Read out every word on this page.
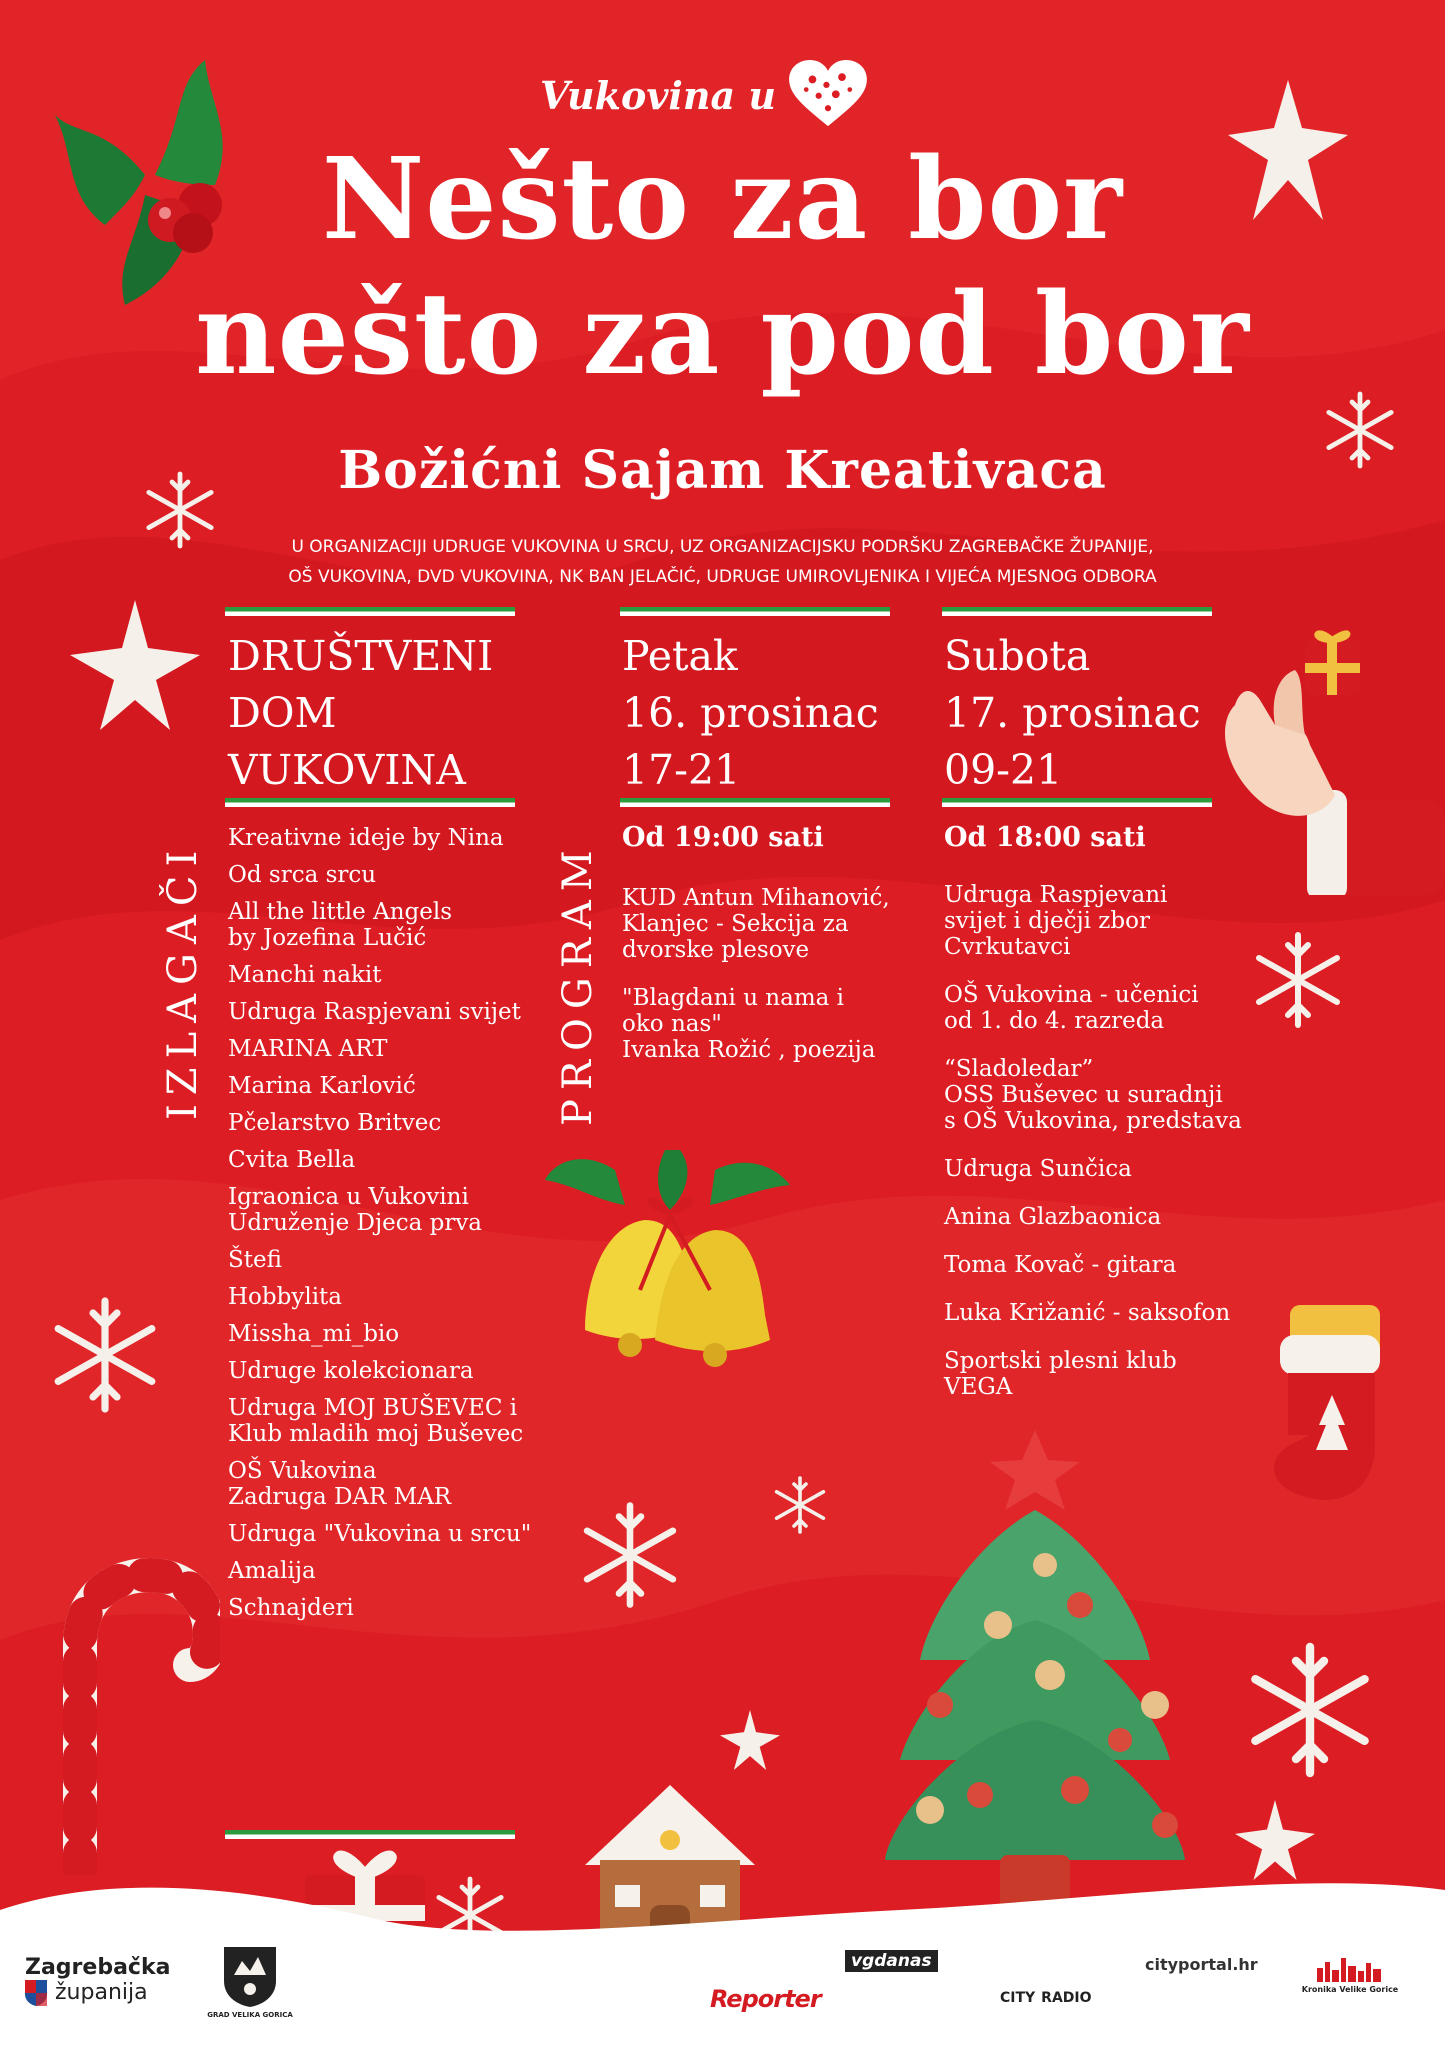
Vukovina u
Nešto za bor
nešto za pod bor
Božićni Sajam Kreativaca
U ORGANIZACIJI UDRUGE VUKOVINA U SRCU, UZ ORGANIZACIJSKU PODRŠKU ZAGREBAČKE ŽUPANIJE,
OŠ VUKOVINA, DVD VUKOVINA, NK BAN JELAČIĆ, UDRUGE UMIROVLJENIKA I VIJEĆA MJESNOG ODBORA
DRUŠTVENI
DOM
VUKOVINA
Petak
16. prosinac
17-21
Subota
17. prosinac
09-21
Od 19:00 sati	Od 18:00 sati
IZLAGAČI	PROGRAM
Kreativne ideje by Nina
Od srca srcu
All the little Angels
by Jozefina Lučić
Manchi nakit
Udruga Raspjevani svijet
MARINA ART
Marina Karlović
Pčelarstvo Britvec
Cvita Bella
Igraonica u Vukovini
Udruženje Djeca prva
Štefi
Hobbylita
Missha_mi_bio
Udruge kolekcionara
Udruga MOJ BUŠEVEC i
Klub mladih moj Buševec
OŠ Vukovina
Zadruga DAR MAR
Udruga "Vukovina u srcu"
Amalija
Schnajderi
KUD Antun Mihanović,
Klanjec - Sekcija za
dvorske plesove
"Blagdani u nama i
oko nas"
Ivanka Rožić , poezija
Udruga Raspjevani
svijet i dječji zbor
Cvrkutavci
OŠ Vukovina - učenici
od 1. do 4. razreda
“Sladoledar”
OSS Buševec u suradnji
s OŠ Vukovina, predstava
Udruga Sunčica
Anina Glazbaonica
Toma Kovač - gitara
Luka Križanić - saksofon
Sportski plesni klub
VEGA
Zagrebačka
županija
GRAD VELIKA GORICA
Reporter
vgdanas
CITY RADIO
cityportal.hr
Kronika Velike Gorice
